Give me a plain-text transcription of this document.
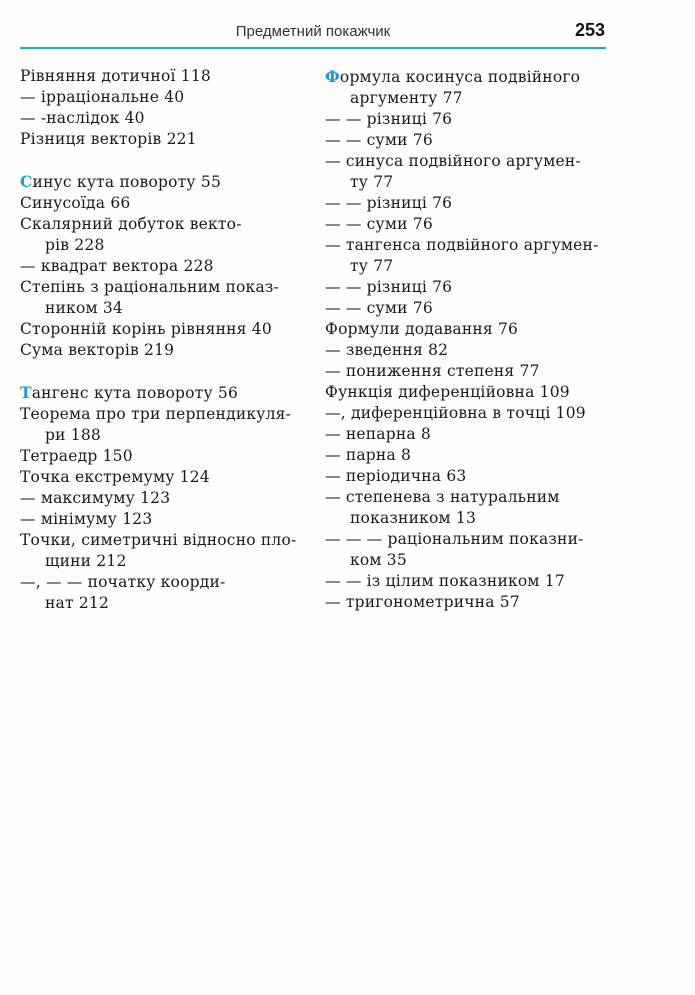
Предметний покажчик	253
Рівняння дотичної 118
— ірраціональне 40
— -наслідок 40
Різниця векторів 221
Синус кута повороту 55
Синусоїда 66
Скалярний добуток векто-
рів 228
— квадрат вектора 228
Степінь з раціональним показ-
ником 34
Сторонній корінь рівняння 40
Сума векторів 219
Тангенс кута повороту 56
Теорема про три перпендикуля-
ри 188
Тетраедр 150
Точка екстремуму 124
— максимуму 123
— мінімуму 123
Точки, симетричні відносно пло-
щини 212
—, — — початку коорди-
нат 212
Формула косинуса подвійного
аргументу 77
— — різниці 76
— — суми 76
— синуса подвійного аргумен-
ту 77
— — різниці 76
— — суми 76
— тангенса подвійного аргумен-
ту 77
— — різниці 76
— — суми 76
Формули додавання 76
— зведення 82
— пониження степеня 77
Функція диференційовна 109
—, диференційовна в точці 109
— непарна 8
— парна 8
— періодична 63
— степенева з натуральним
показником 13
— — — раціональним показни-
ком 35
— — із цілим показником 17
— тригонометрична 57
